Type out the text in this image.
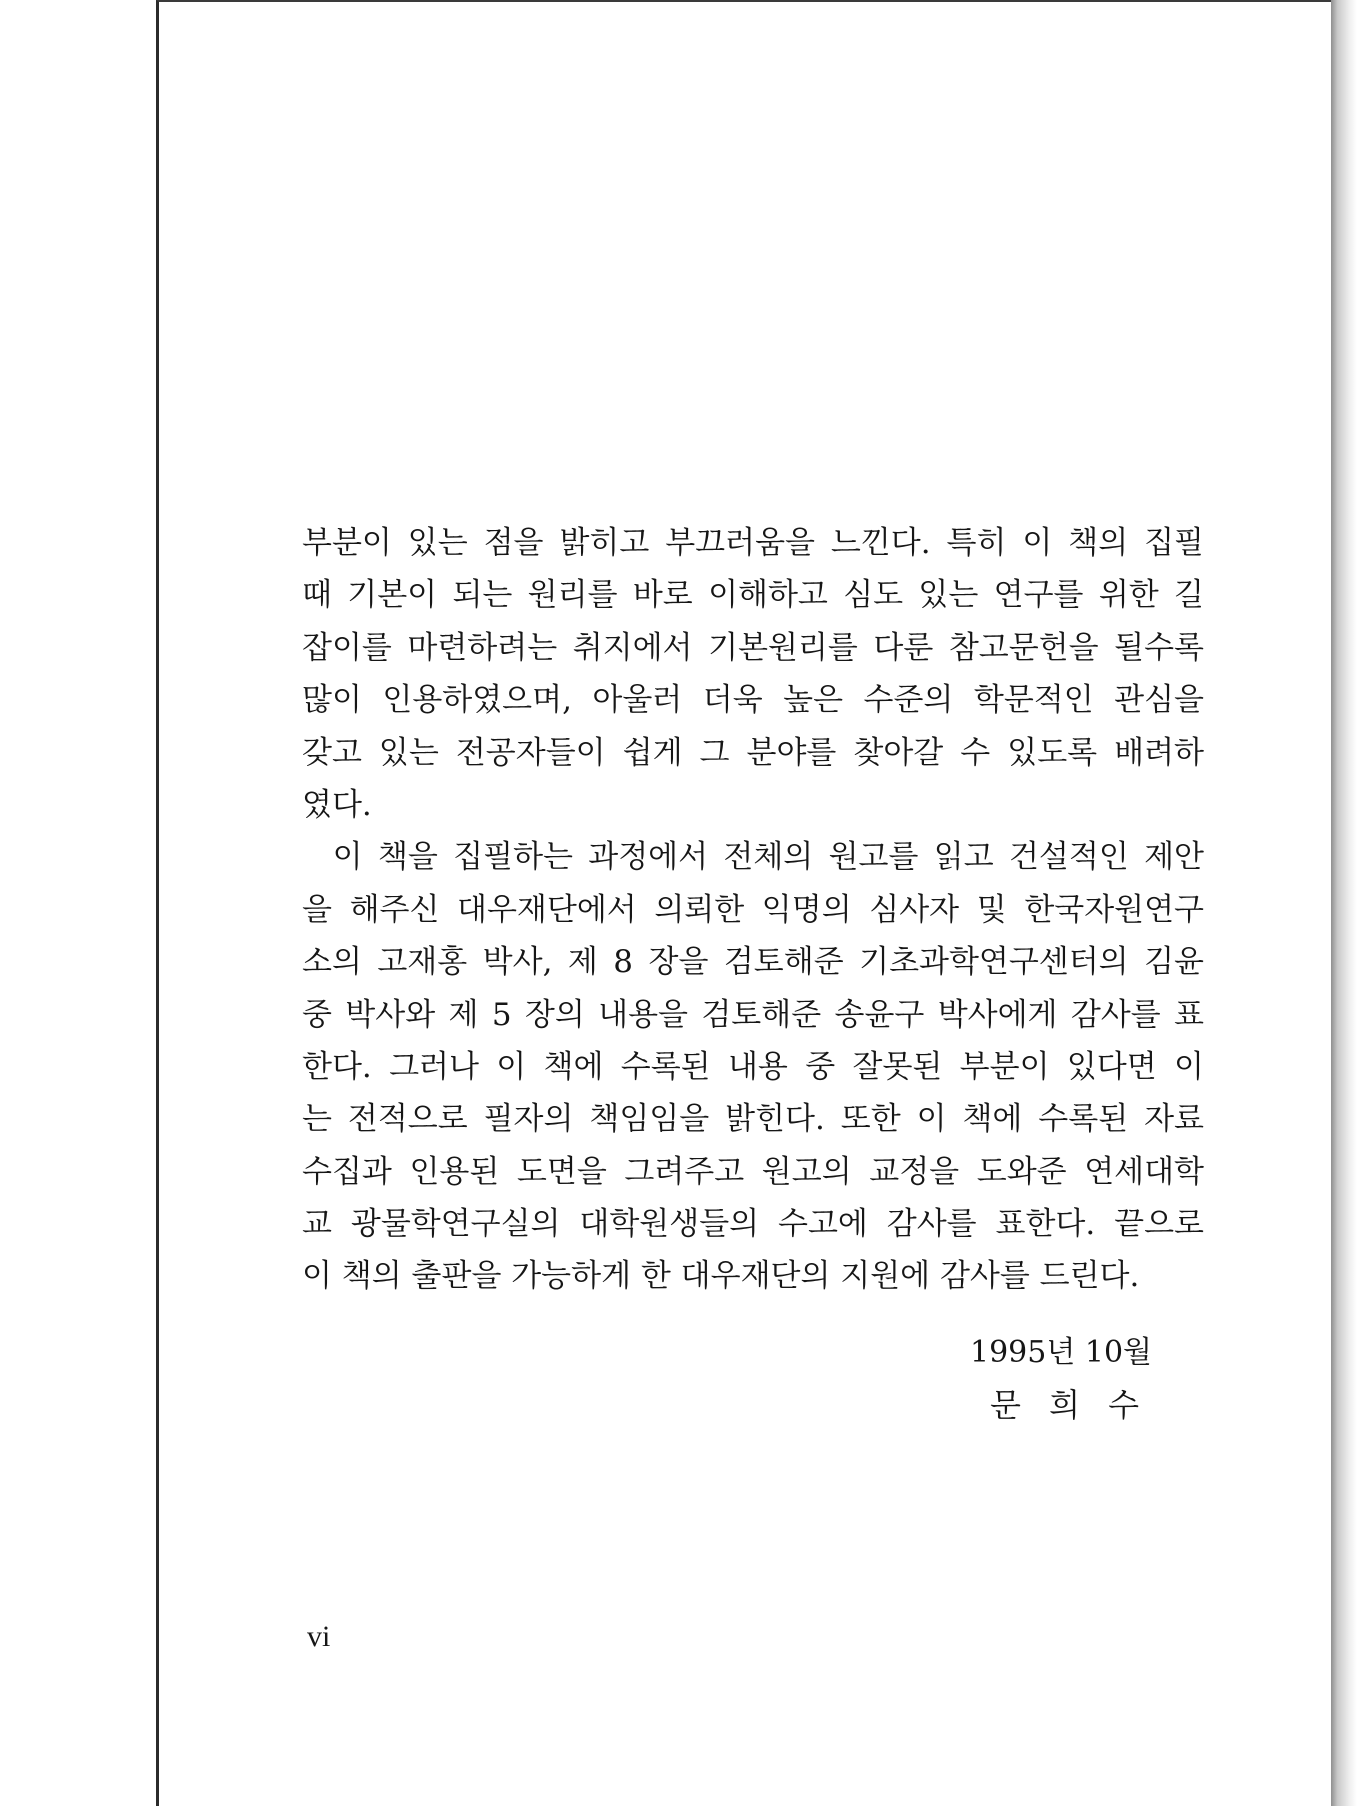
부분이 있는 점을 밝히고 부끄러움을 느낀다. 특히 이 책의 집필
때 기본이 되는 원리를 바로 이해하고 심도 있는 연구를 위한 길
잡이를 마련하려는 취지에서 기본원리를 다룬 참고문헌을 될수록
많이 인용하였으며, 아울러 더욱 높은 수준의 학문적인 관심을
갖고 있는 전공자들이 쉽게 그 분야를 찾아갈 수 있도록 배려하
였다.
이 책을 집필하는 과정에서 전체의 원고를 읽고 건설적인 제안
을 해주신 대우재단에서 의뢰한 익명의 심사자 및 한국자원연구
소의 고재홍 박사, 제 8 장을 검토해준 기초과학연구센터의 김윤
중 박사와 제 5 장의 내용을 검토해준 송윤구 박사에게 감사를 표
한다. 그러나 이 책에 수록된 내용 중 잘못된 부분이 있다면 이
는 전적으로 필자의 책임임을 밝힌다. 또한 이 책에 수록된 자료
수집과 인용된 도면을 그려주고 원고의 교정을 도와준 연세대학
교 광물학연구실의 대학원생들의 수고에 감사를 표한다. 끝으로
이 책의 출판을 가능하게 한 대우재단의 지원에 감사를 드린다.
1995년 10월
문 희 수
vi
